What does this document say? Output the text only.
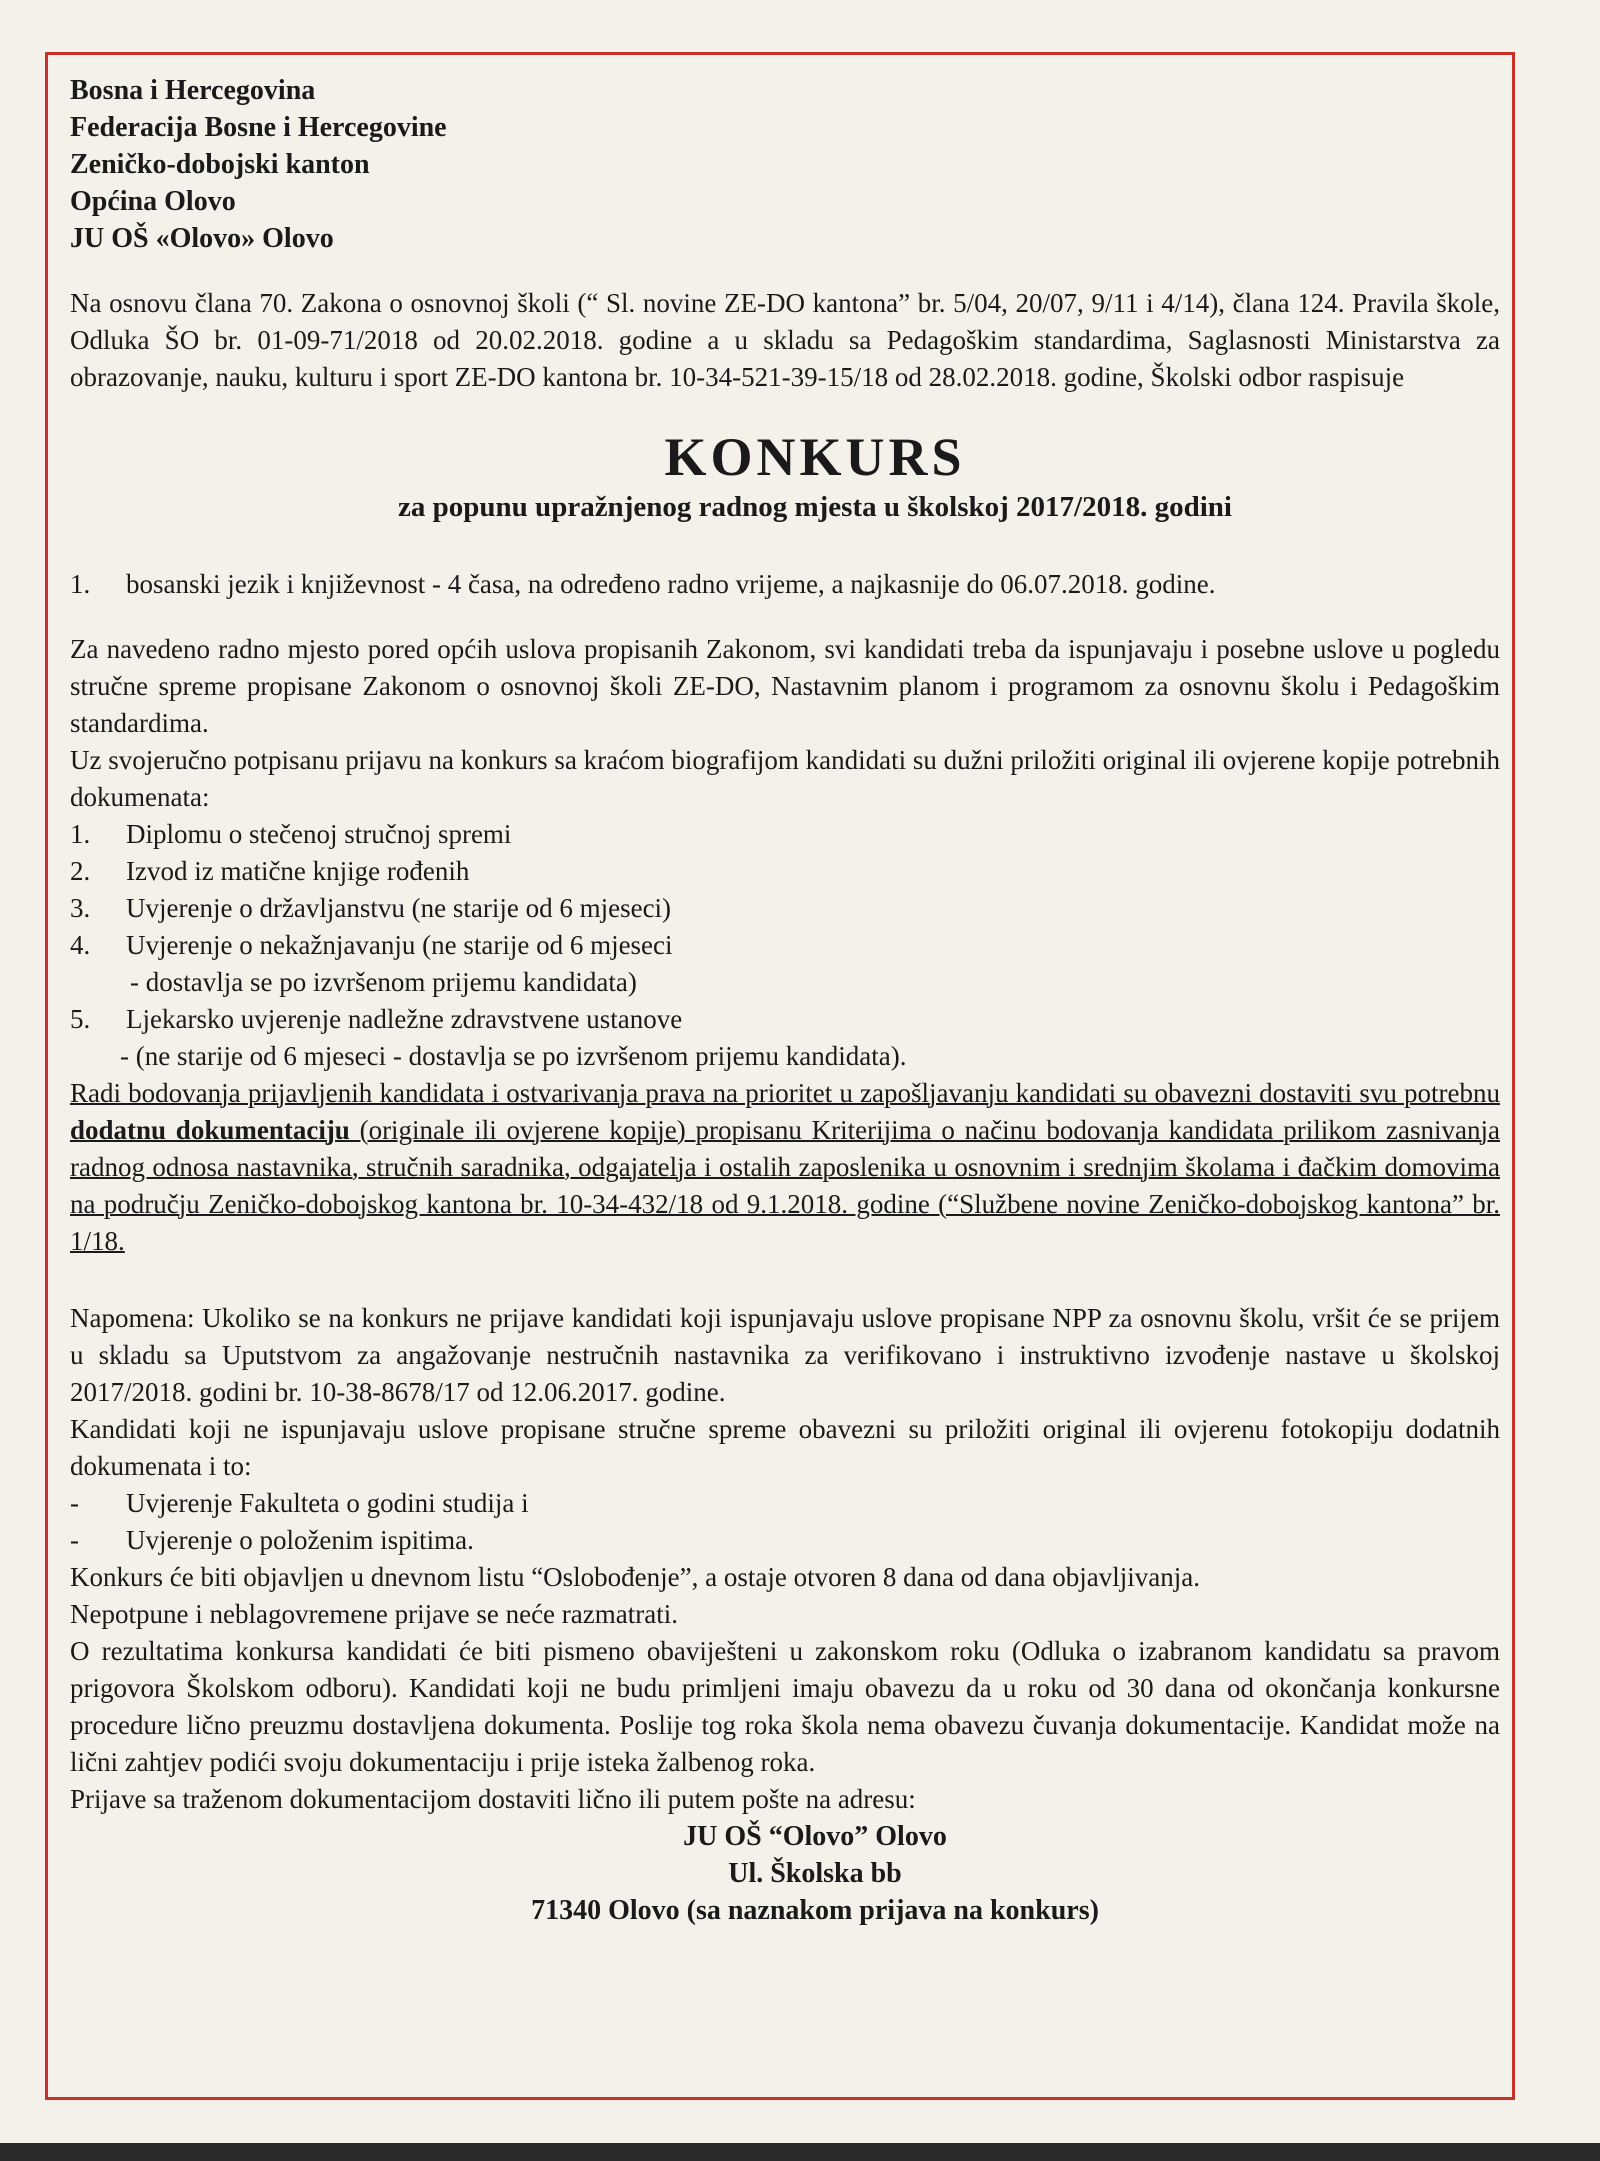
Bosna i Hercegovina
Federacija Bosne i Hercegovine
Zeničko-dobojski kanton
Općina Olovo
JU OŠ «Olovo» Olovo
Na osnovu člana 70. Zakona o osnovnoj školi (“ Sl. novine ZE-DO kantona” br. 5/04, 20/07, 9/11 i 4/14), člana 124. Pravila škole, Odluka ŠO br. 01-09-71/2018 od 20.02.2018. godine a u skladu sa Pedagoškim standardima, Saglasnosti Ministarstva za obrazovanje, nauku, kulturu i sport ZE-DO kantona br. 10-34-521-39-15/18 od 28.02.2018. godine, Školski odbor raspisuje
KONKURS
za popunu upražnjenog radnog mjesta u školskoj 2017/2018. godini
1.	bosanski jezik i književnost - 4 časa, na određeno radno vrijeme, a najkasnije do 06.07.2018. godine.
Za navedeno radno mjesto pored općih uslova propisanih Zakonom, svi kandidati treba da ispunjavaju i posebne uslove u pogledu stručne spreme propisane Zakonom o osnovnoj školi ZE-DO, Nastavnim planom i programom za osnovnu školu i Pedagoškim standardima.
Uz svojeručno potpisanu prijavu na konkurs sa kraćom biografijom kandidati su dužni priložiti original ili ovjerene kopije potrebnih dokumenata:
1.	Diplomu o stečenoj stručnoj spremi
2.	Izvod iz matične knjige rođenih
3.	Uvjerenje o državljanstvu (ne starije od 6 mjeseci)
4.	Uvjerenje o nekažnjavanju (ne starije od 6 mjeseci
- dostavlja se po izvršenom prijemu kandidata)
5.	Ljekarsko uvjerenje nadležne zdravstvene ustanove
- (ne starije od 6 mjeseci - dostavlja se po izvršenom prijemu kandidata).
Radi bodovanja prijavljenih kandidata i ostvarivanja prava na prioritet u zapošljavanju kandidati su obavezni dostaviti svu potrebnu dodatnu dokumentaciju (originale ili ovjerene kopije) propisanu Kriterijima o načinu bodovanja kandidata prilikom zasnivanja radnog odnosa nastavnika, stručnih saradnika, odgajatelja i ostalih zaposlenika u osnovnim i srednjim školama i đačkim domovima na području Zeničko-dobojskog kantona br. 10-34-432/18 od 9.1.2018. godine (“Službene novine Zeničko-dobojskog kantona” br. 1/18.
Napomena: Ukoliko se na konkurs ne prijave kandidati koji ispunjavaju uslove propisane NPP za osnovnu školu, vršit će se prijem u skladu sa Uputstvom za angažovanje nestručnih nastavnika za verifikovano i instruktivno izvođenje nastave u školskoj 2017/2018. godini br. 10-38-8678/17 od 12.06.2017. godine.
Kandidati koji ne ispunjavaju uslove propisane stručne spreme obavezni su priložiti original ili ovjerenu fotokopiju dodatnih dokumenata i to:
-	Uvjerenje Fakulteta o godini studija i
-	Uvjerenje o položenim ispitima.
Konkurs će biti objavljen u dnevnom listu “Oslobođenje”, a ostaje otvoren 8 dana od dana objavljivanja.
Nepotpune i neblagovremene prijave se neće razmatrati.
O rezultatima konkursa kandidati će biti pismeno obaviješteni u zakonskom roku (Odluka o izabranom kandidatu sa pravom prigovora Školskom odboru). Kandidati koji ne budu primljeni imaju obavezu da u roku od 30 dana od okončanja konkursne procedure lično preuzmu dostavljena dokumenta. Poslije tog roka škola nema obavezu čuvanja dokumentacije. Kandidat može na lični zahtjev podići svoju dokumentaciju i prije isteka žalbenog roka.
Prijave sa traženom dokumentacijom dostaviti lično ili putem pošte na adresu:
JU OŠ “Olovo” Olovo
Ul. Školska bb
71340 Olovo (sa naznakom prijava na konkurs)
